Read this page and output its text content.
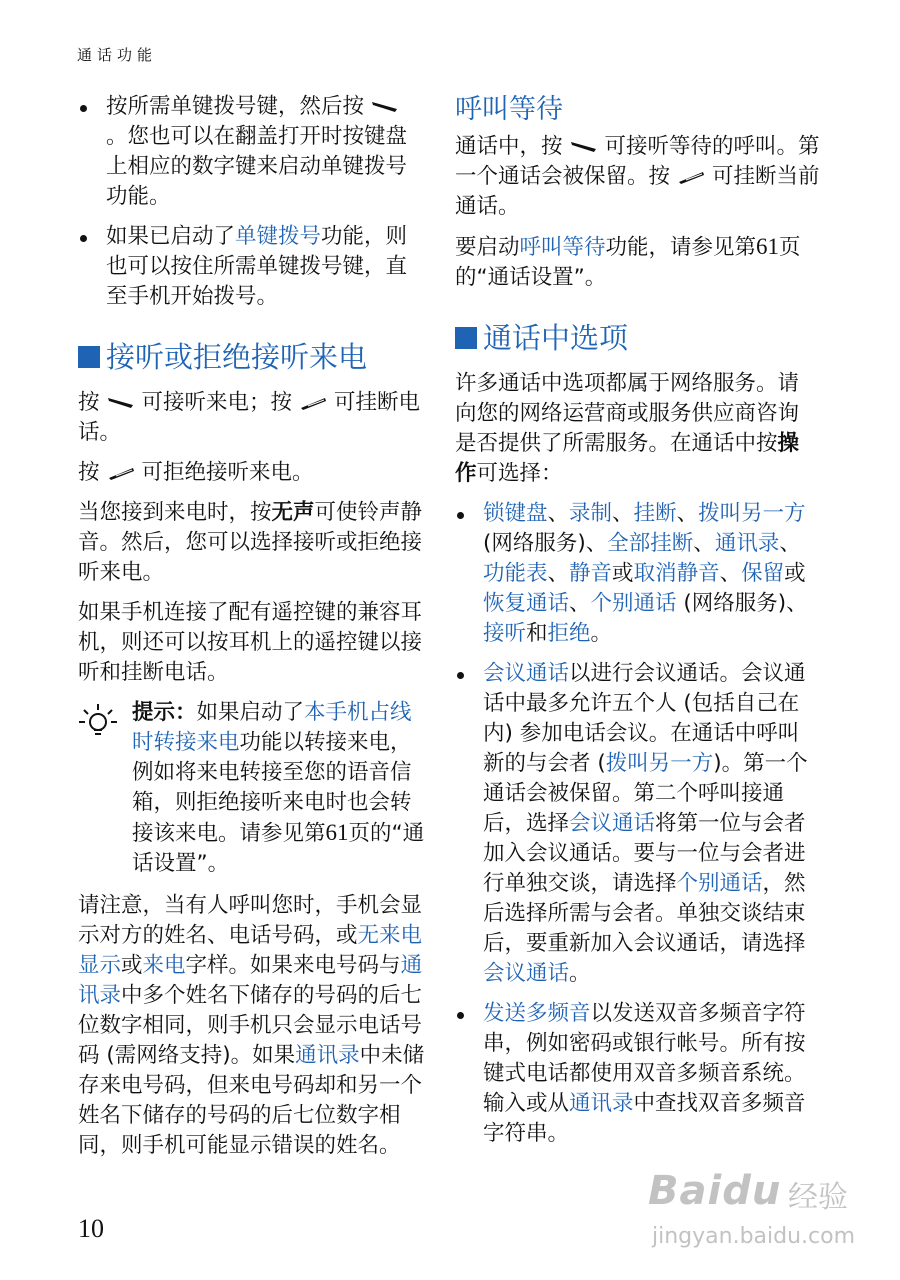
通话功能
按所需单键拨号键，然后按。您也可以在翻盖打开时按键盘上相应的数字键来启动单键拨号功能。
如果已启动了单键拨号功能，则也可以按住所需单键拨号键，直至手机开始拨号。
接听或拒绝接听来电

按 可接听来电；按 可挂断电话。

按 可拒绝接听来电。

当您接到来电时，按无声可使铃声静音。然后，您可以选择接听或拒绝接听来电。

如果手机连接了配有遥控键的兼容耳机，则还可以按耳机上的遥控键以接听和挂断电话。

提示：如果启动了本手机占线时转接来电功能以转接来电，例如将来电转接至您的语音信箱，则拒绝接听来电时也会转接该来电。请参见第61页的“通话设置”。

请注意，当有人呼叫您时，手机会显示对方的姓名、电话号码，或无来电显示或来电字样。如果来电号码与通讯录中多个姓名下储存的号码的后七位数字相同，则手机只会显示电话号码 (需网络支持)。如果通讯录中未储存来电号码，但来电号码却和另一个姓名下储存的号码的后七位数字相同，则手机可能显示错误的姓名。

呼叫等待

通话中，按 可接听等待的呼叫。第一个通话会被保留。按 可挂断当前通话。

要启动呼叫等待功能，请参见第61页的“通话设置”。

通话中选项

许多通话中选项都属于网络服务。请向您的网络运营商或服务供应商咨询是否提供了所需服务。在通话中按操作可选择：

锁键盘、录制、挂断、拨叫另一方 (网络服务)、全部挂断、通讯录、功能表、静音或取消静音、保留或恢复通话、个别通话 (网络服务)、接听和拒绝。
会议通话以进行会议通话。会议通话中最多允许五个人 (包括自己在内) 参加电话会议。在通话中呼叫新的与会者 (拨叫另一方)。第一个通话会被保留。第二个呼叫接通后，选择会议通话将第一位与会者加入会议通话。要与一位与会者进行单独交谈，请选择个别通话，然后选择所需与会者。单独交谈结束后，要重新加入会议通话，请选择会议通话。
发送多频音以发送双音多频音字符串，例如密码或银行帐号。所有按键式电话都使用双音多频音系统。输入或从通讯录中查找双音多频音字符串。
10
Baidu 经验
jingyan.baidu.com
